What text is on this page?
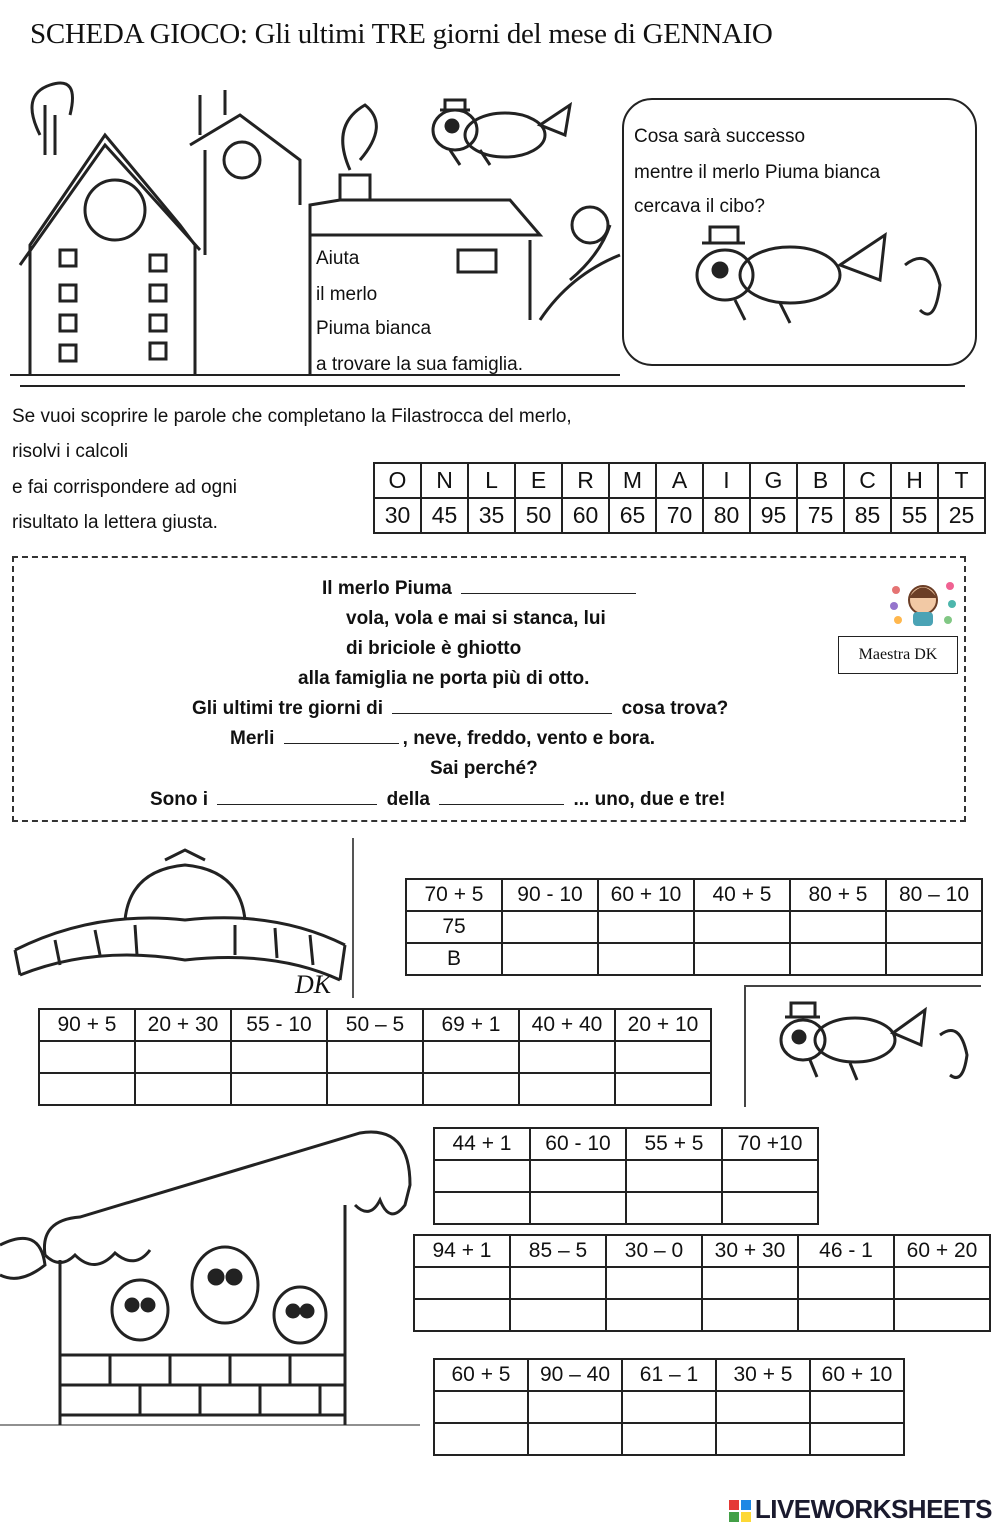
SCHEDA GIOCO: Gli ultimi TRE giorni del mese di GENNAIO
Cosa sarà successo
mentre il merlo Piuma bianca
cercava il cibo?
Aiuta
il merlo
Piuma bianca
a trovare la sua famiglia.
Se vuoi scoprire le parole che completano la Filastrocca del merlo,
risolvi i calcoli
e fai corrispondere ad ogni
risultato la lettera giusta.
O	N	L	E	R	M	A	I	G	B	C	H	T
30	45	35	50	60	65	70	80	95	75	85	55	25
Il merlo Piuma
vola, vola e mai si stanca, lui
di briciole è ghiotto
alla famiglia ne porta più di otto.
Gli ultimi tre giorni di	cosa trova?
Merli	, neve, freddo, vento e bora.
Sai perché?
Sono i	della	... uno, due e tre!
Maestra DK
DK
70 + 5	90 - 10	60 + 10	40 + 5	80 + 5	80 – 10
75					
B					
90 + 5	20 + 30	55 - 10	50 – 5	69 + 1	40 + 40	20 + 10

44 + 1	60 - 10	55 + 5	70 +10

94 + 1	85 – 5	30 – 0	30 + 30	46 - 1	60 + 20

60 + 5	90 – 40	61 – 1	30 + 5	60 + 10

LIVEWORKSHEETS
